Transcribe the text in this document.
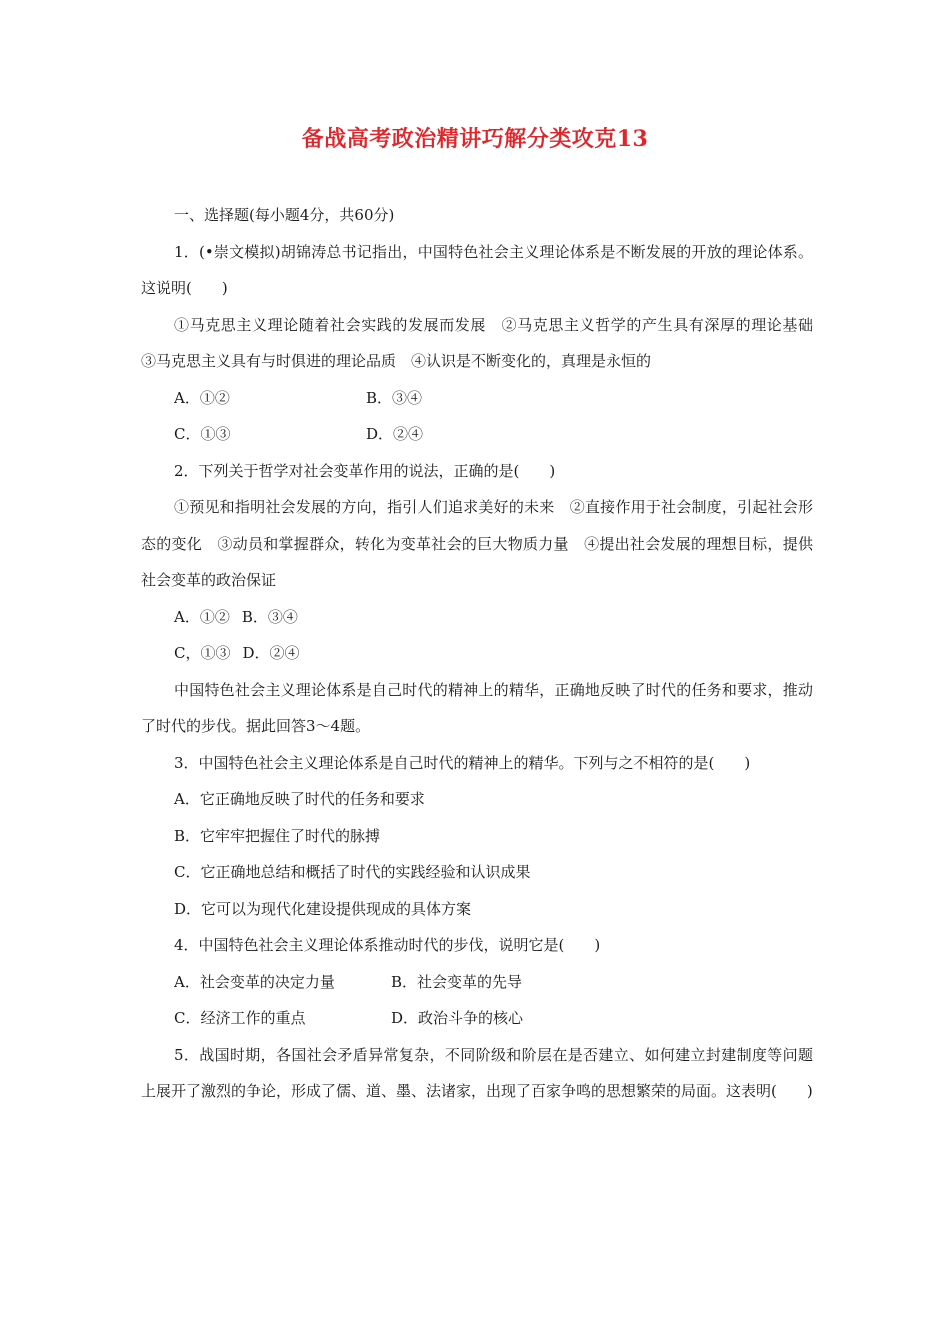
备战高考政治精讲巧解分类攻克13

一、选择题(每小题4分，共60分)

1．(•崇文模拟)胡锦涛总书记指出，中国特色社会主义理论体系是不断发展的开放的理论体系。这说明(　　)

①马克思主义理论随着社会实践的发展而发展　②马克思主义哲学的产生具有深厚的理论基础　③马克思主义具有与时俱进的理论品质　④认识是不断变化的，真理是永恒的

A．①②	B．③④
C．①③	D．②④

2．下列关于哲学对社会变革作用的说法，正确的是(　　)

①预见和指明社会发展的方向，指引人们追求美好的未来　②直接作用于社会制度，引起社会形态的变化　③动员和掌握群众，转化为变革社会的巨大物质力量　④提出社会发展的理想目标，提供社会变革的政治保证

A．①② B．③④
C，①③ D．②④

中国特色社会主义理论体系是自己时代的精神上的精华，正确地反映了时代的任务和要求，推动了时代的步伐。据此回答3～4题。

3．中国特色社会主义理论体系是自己时代的精神上的精华。下列与之不相符的是(　　)

A．它正确地反映了时代的任务和要求

B．它牢牢把握住了时代的脉搏

C．它正确地总结和概括了时代的实践经验和认识成果

D．它可以为现代化建设提供现成的具体方案

4．中国特色社会主义理论体系推动时代的步伐，说明它是(　　)

A．社会变革的决定力量	B．社会变革的先导
C．经济工作的重点	D．政治斗争的核心

5．战国时期，各国社会矛盾异常复杂，不同阶级和阶层在是否建立、如何建立封建制度等问题上展开了激烈的争论，形成了儒、道、墨、法诸家，出现了百家争鸣的思想繁荣的局面。这表明(　　)
